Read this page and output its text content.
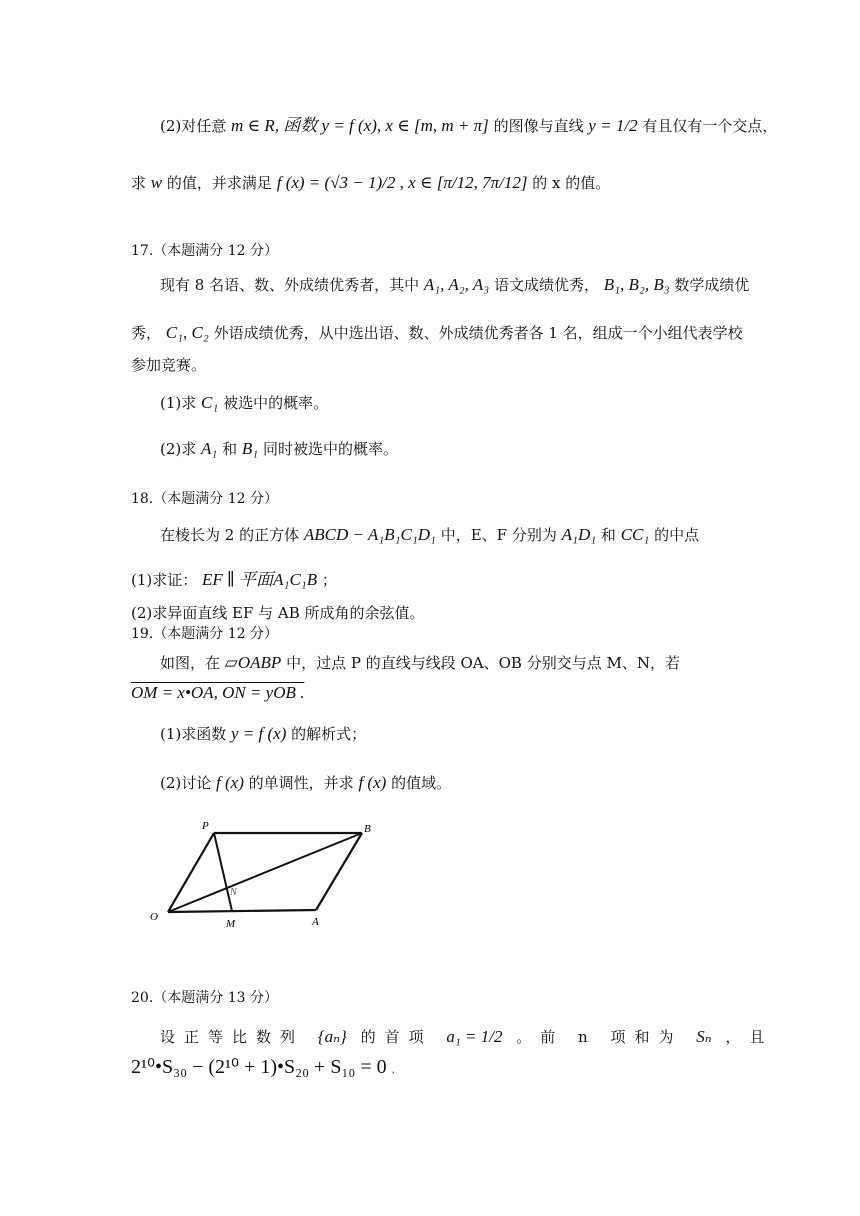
(2)对任意 m ∈ R, 函数 y = f (x), x ∈ [m, m + π] 的图像与直线 y = 1/2 有且仅有一个交点，
求 w 的值，并求满足 f (x) = (√3 − 1)/2 , x ∈ [π/12, 7π/12] 的 x 的值。
17.（本题满分 12 分）
现有 8 名语、数、外成绩优秀者，其中 A₁, A₂, A₃ 语文成绩优秀， B₁, B₂, B₃ 数学成绩优
秀， C₁, C₂ 外语成绩优秀，从中选出语、数、外成绩优秀者各 1 名，组成一个小组代表学校
参加竞赛。
(1)求 C₁ 被选中的概率。
(2)求 A₁ 和 B₁ 同时被选中的概率。
18.（本题满分 12 分）
在棱长为 2 的正方体 ABCD − A₁B₁C₁D₁ 中，E、F 分别为 A₁D₁ 和 CC₁ 的中点
(1)求证： EF ∥ 平面A₁C₁B ；
(2)求异面直线 EF 与 AB 所成角的余弦值。
19.（本题满分 12 分）
如图，在 ▱OABP 中，过点 P 的直线与线段 OA、OB 分别交与点 M、N，若
OM = x•OA, ON = yOB .
(1)求函数 y = f (x) 的解析式；
(2)讨论 f (x) 的单调性，并求 f (x) 的值域。
P	B
O
M	A
N
20.（本题满分 13 分）
设正等比数列 {aₙ} 的首项 a₁ = 1/2 。前 n 项和为 Sₙ ，且
2¹⁰•S₃₀ − (2¹⁰ + 1)•S₂₀ + S₁₀ = 0 .
